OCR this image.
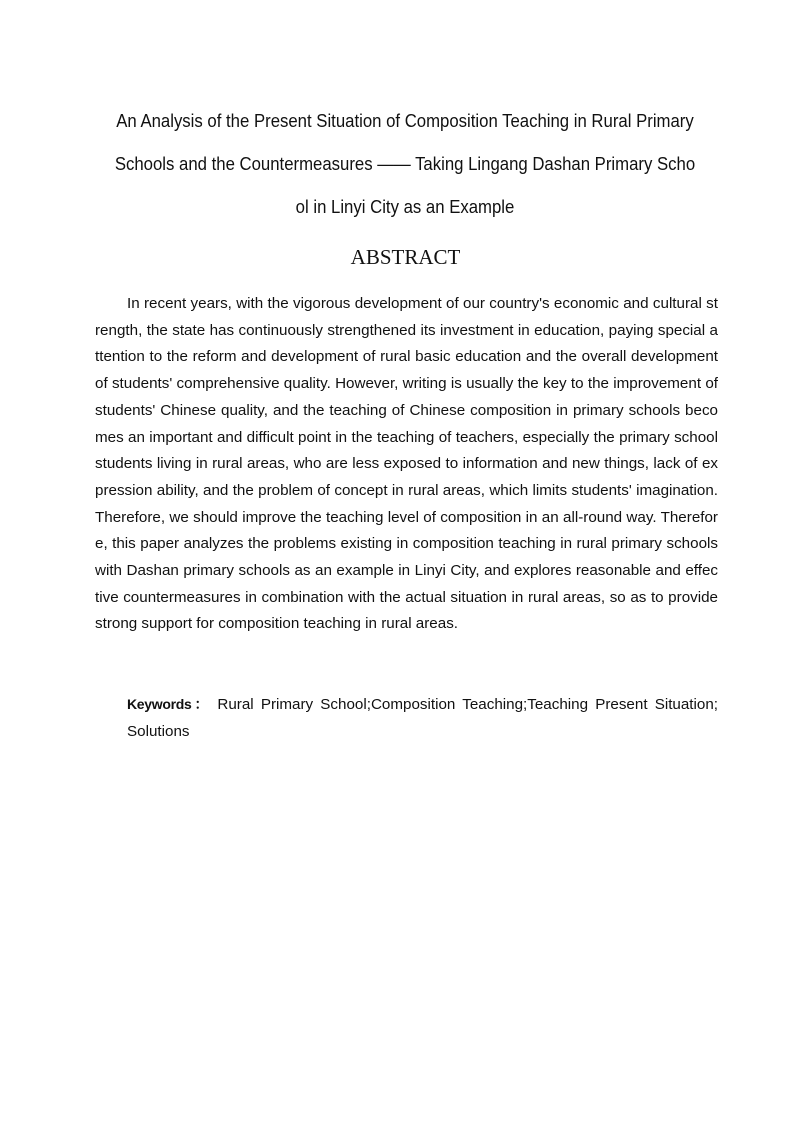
An Analysis of the Present Situation of Composition Teaching in Rural Primary Schools and the Countermeasures —— Taking Lingang Dashan Primary School in Linyi City as an Example
ABSTRACT

In recent years, with the vigorous development of our country's economic and cultural strength, the state has continuously strengthened its investment in education, paying special attention to the reform and development of rural basic education and the overall development of students' comprehensive quality. However, writing is usually the key to the improvement of students' Chinese quality, and the teaching of Chinese composition in primary schools becomes an important and difficult point in the teaching of teachers, especially the primary school students living in rural areas, who are less exposed to information and new things, lack of expression ability, and the problem of concept in rural areas, which limits students' imagination. Therefore, we should improve the teaching level of composition in an all-round way. Therefore, this paper analyzes the problems existing in composition teaching in rural primary schools with Dashan primary schools as an example in Linyi City, and explores reasonable and effective countermeasures in combination with the actual situation in rural areas, so as to provide strong support for composition teaching in rural areas.

Keywords： Rural Primary School;Composition Teaching;Teaching Present Situation; Solutions
